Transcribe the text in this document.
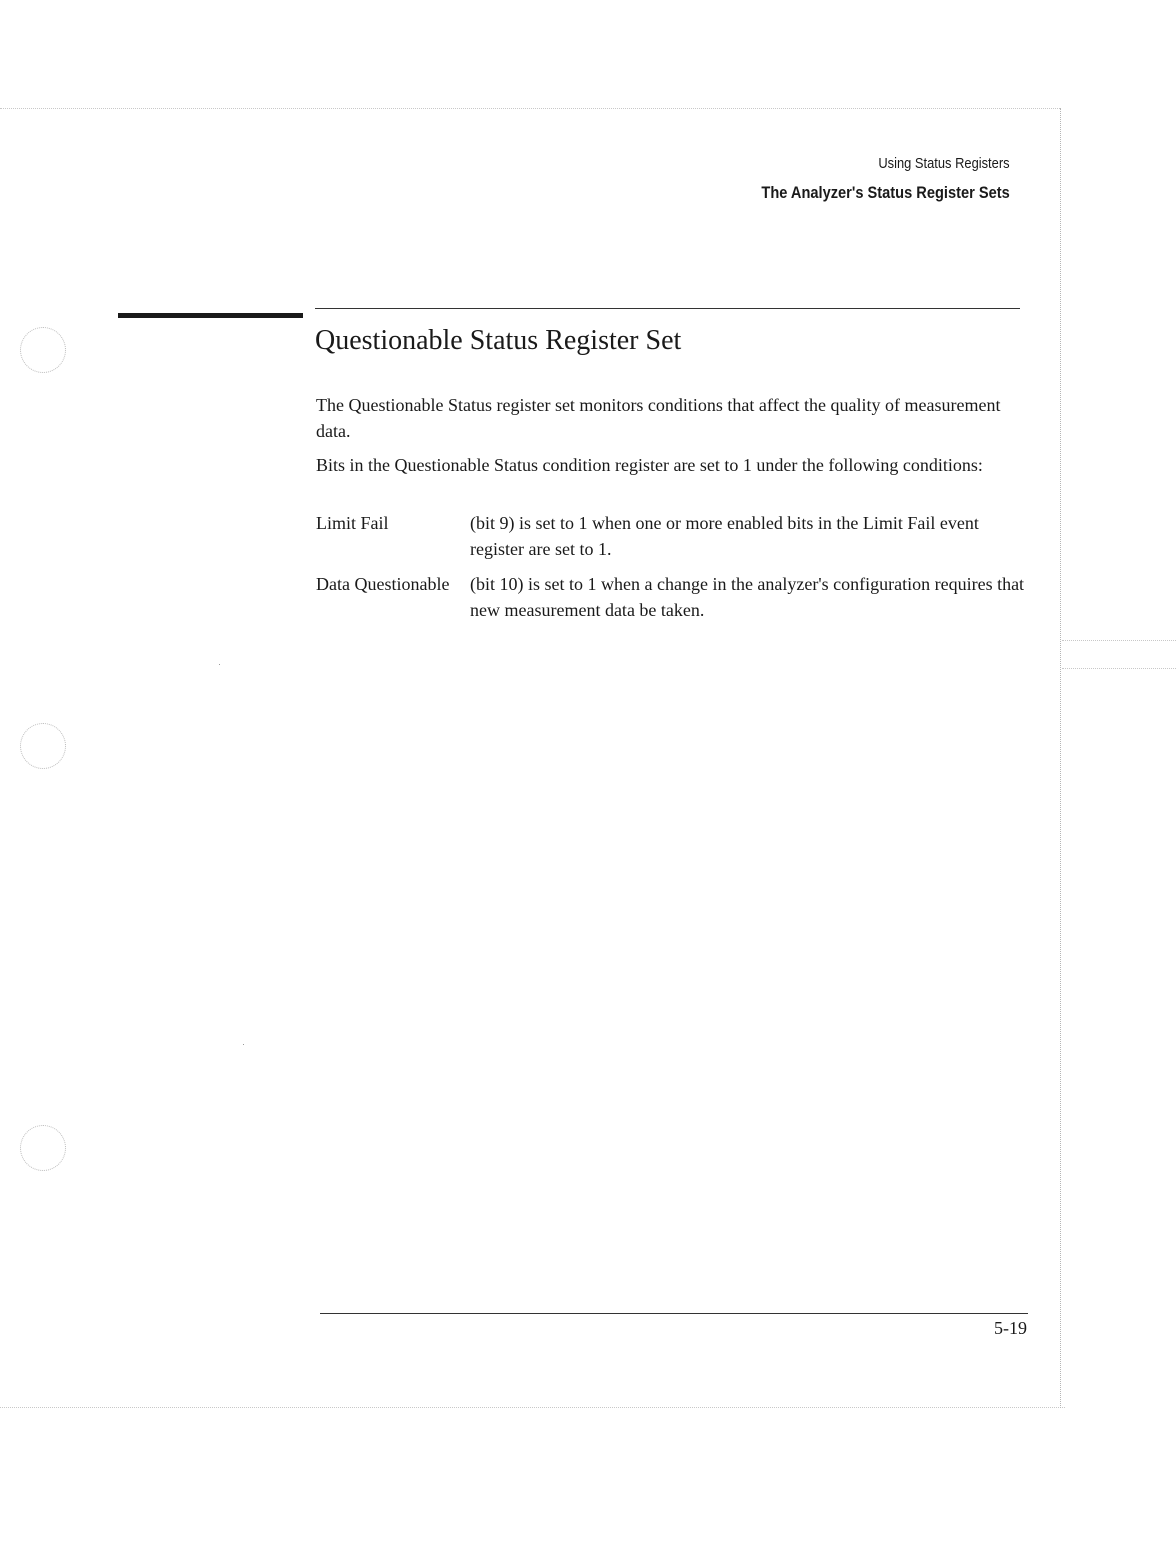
Using Status Registers
The Analyzer's Status Register Sets
Questionable Status Register Set

The Questionable Status register set monitors conditions that affect the quality of measurement data.

Bits in the Questionable Status condition register are set to 1 under the following conditions:

Limit Fail	(bit 9) is set to 1 when one or more enabled bits in the Limit Fail event register are set to 1.

Data Questionable	(bit 10) is set to 1 when a change in the analyzer's configuration requires that new measurement data be taken.

5-19
